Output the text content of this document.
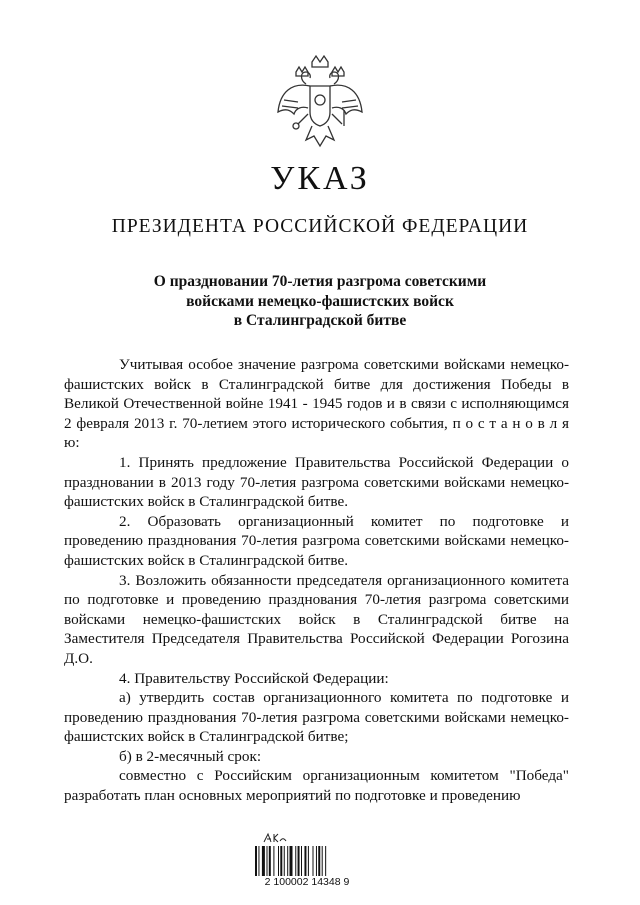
УКАЗ
ПРЕЗИДЕНТА РОССИЙСКОЙ ФЕДЕРАЦИИ
О праздновании 70-летия разгрома советскими
войсками немецко-фашистских войск
в Сталинградской битве

Учитывая особое значение разгрома советскими войсками немецко-фашистских войск в Сталинградской битве для достижения Победы в Великой Отечественной войне 1941 - 1945 годов и в связи с исполняющимся 2 февраля 2013 г. 70-летием этого исторического события, п о с т а н о в л я ю:

1. Принять предложение Правительства Российской Федерации о праздновании в 2013 году 70-летия разгрома советскими войсками немецко-фашистских войск в Сталинградской битве.

2. Образовать организационный комитет по подготовке и проведению празднования 70-летия разгрома советскими войсками немецко-фашистских войск в Сталинградской битве.

3. Возложить обязанности председателя организационного комитета по подготовке и проведению празднования 70-летия разгрома советскими войсками немецко-фашистских войск в Сталинградской битве на Заместителя Председателя Правительства Российской Федерации Рогозина Д.О.

4. Правительству Российской Федерации:

а) утвердить состав организационного комитета по подготовке и проведению празднования 70-летия разгрома советскими войсками немецко-фашистских войск в Сталинградской битве;

б) в 2-месячный срок:

совместно с Российским организационным комитетом "Победа" разработать план основных мероприятий по подготовке и проведению

2 100002 14348 9
